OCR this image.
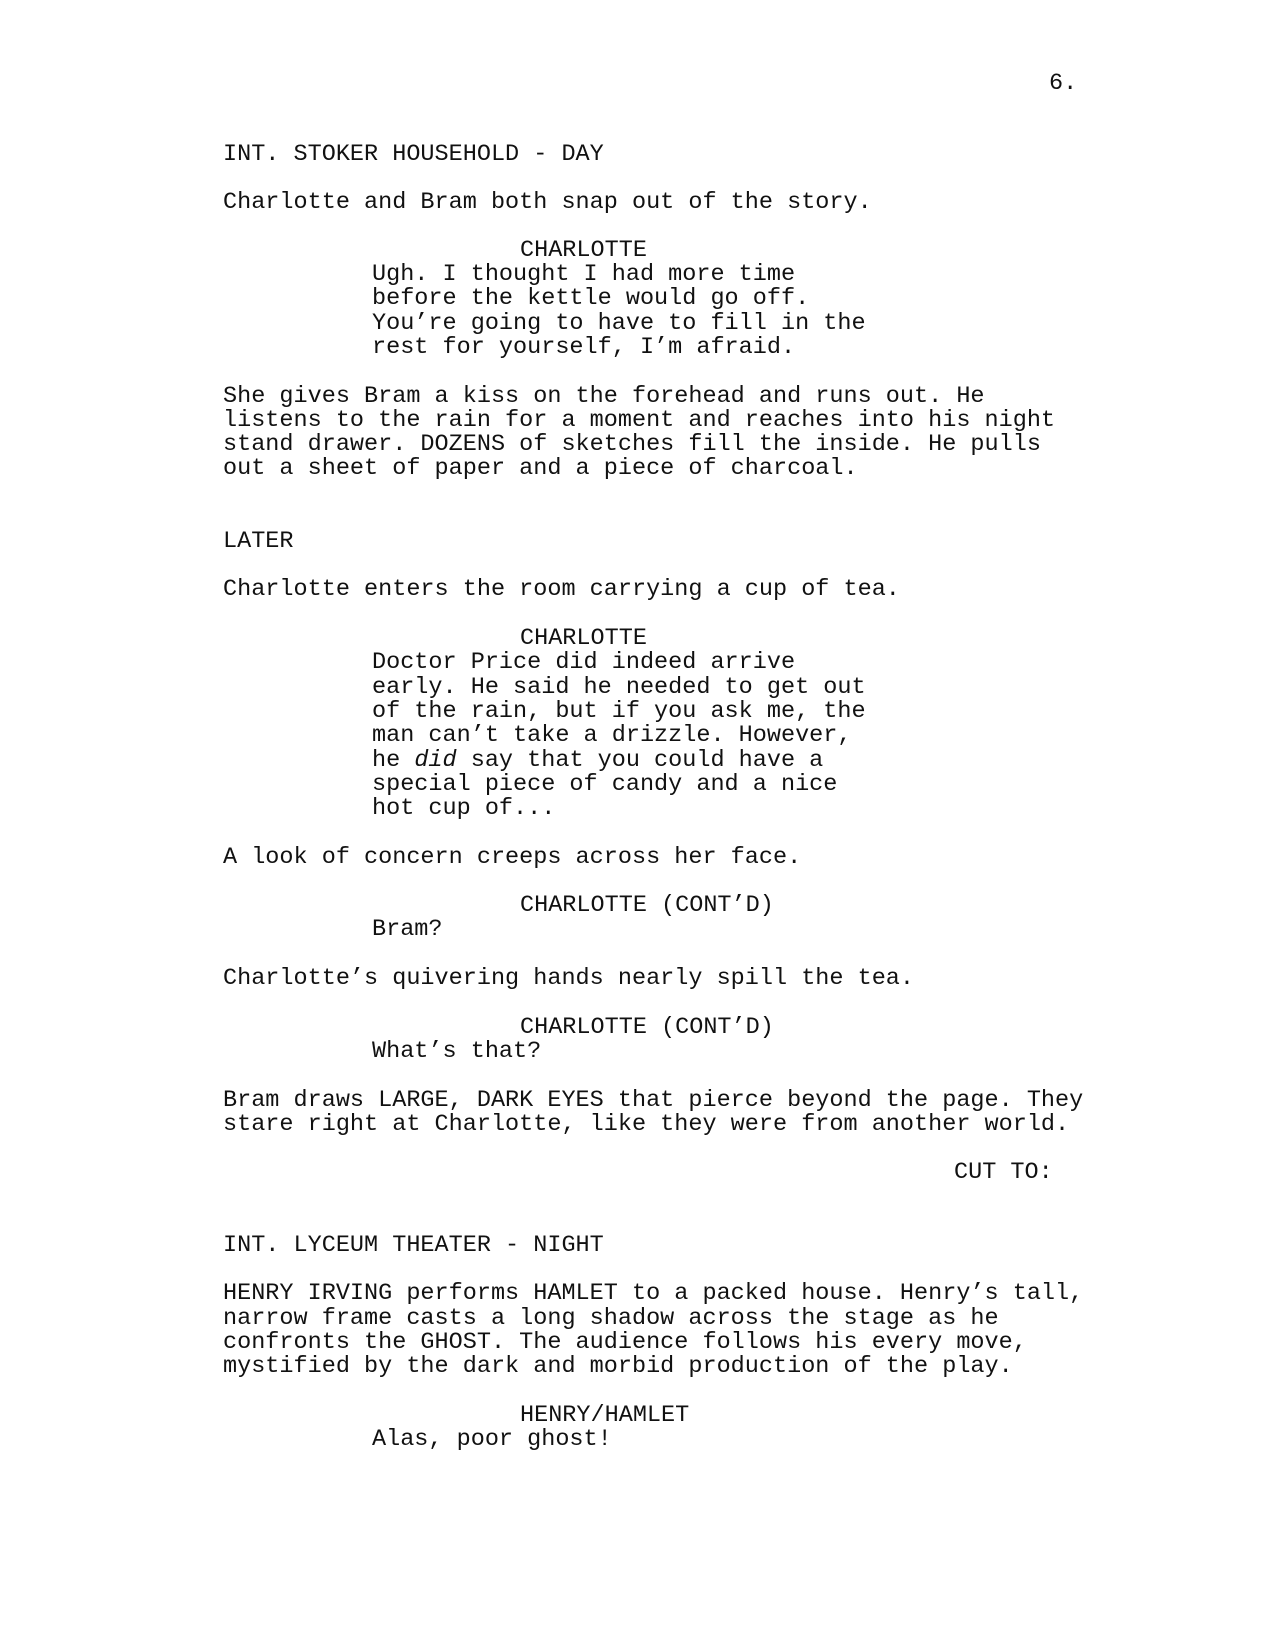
6.
INT. STOKER HOUSEHOLD - DAY
Charlotte and Bram both snap out of the story.
CHARLOTTE
Ugh. I thought I had more time
before the kettle would go off.
You’re going to have to fill in the
rest for yourself, I’m afraid.
She gives Bram a kiss on the forehead and runs out. He
listens to the rain for a moment and reaches into his night
stand drawer. DOZENS of sketches fill the inside. He pulls
out a sheet of paper and a piece of charcoal.
LATER
Charlotte enters the room carrying a cup of tea.
CHARLOTTE
Doctor Price did indeed arrive
early. He said he needed to get out
of the rain, but if you ask me, the
man can’t take a drizzle. However,
he did say that you could have a
special piece of candy and a nice
hot cup of...
A look of concern creeps across her face.
CHARLOTTE (CONT’D)
Bram?
Charlotte’s quivering hands nearly spill the tea.
CHARLOTTE (CONT’D)
What’s that?
Bram draws LARGE, DARK EYES that pierce beyond the page. They
stare right at Charlotte, like they were from another world.
CUT TO:
INT. LYCEUM THEATER - NIGHT
HENRY IRVING performs HAMLET to a packed house. Henry’s tall,
narrow frame casts a long shadow across the stage as he
confronts the GHOST. The audience follows his every move,
mystified by the dark and morbid production of the play.
HENRY/HAMLET
Alas, poor ghost!
